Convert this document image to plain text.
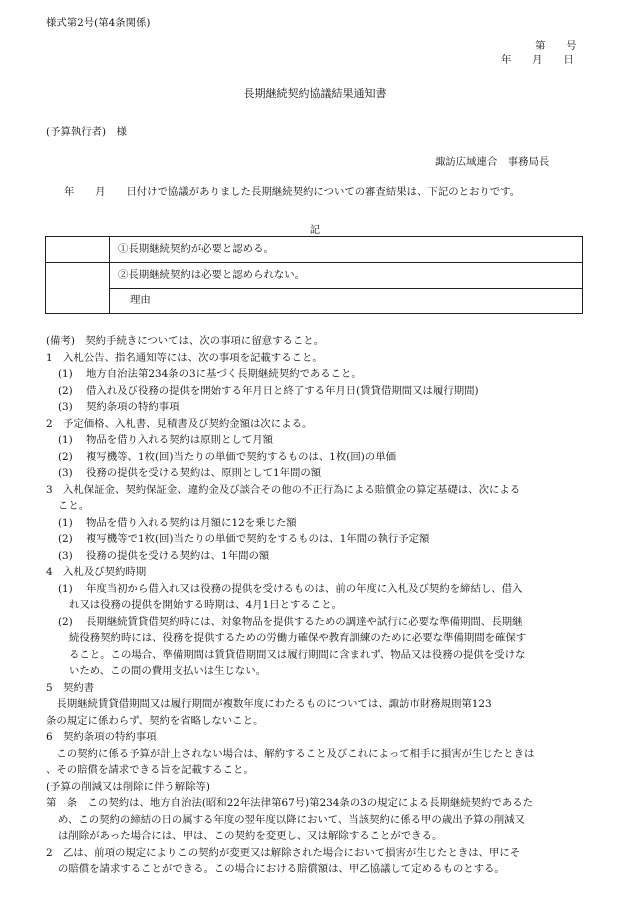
様式第2号(第4条関係)
第　　号
年　　月　　日
長期継続契約協議結果通知書
(予算執行者)　様
諏訪広域連合　事務局長
年　　月　　日付けで協議がありました長期継続契約についての審査結果は、下記のとおりです。
記
	①長期継続契約が必要と認める。
	②長期継続契約は必要と認められない。
	理由
(備考)　契約手続きについては、次の事項に留意すること。
1　入札公告、指名通知等には、次の事項を記載すること。
(1) 地方自治法第234条の3に基づく長期継続契約であること。
(2) 借入れ及び役務の提供を開始する年月日と終了する年月日(賃貸借期間又は履行期間)
(3) 契約条項の特約事項
2　予定価格、入札書、見積書及び契約金額は次による。
(1) 物品を借り入れる契約は原則として月額
(2) 複写機等、1枚(回)当たりの単価で契約するものは、1枚(回)の単価
(3) 役務の提供を受ける契約は、原則として1年間の額
3　入札保証金、契約保証金、違約金及び談合その他の不正行為による賠償金の算定基礎は、次による
こと。
(1) 物品を借り入れる契約は月額に12を乗じた額
(2) 複写機等で1枚(回)当たりの単価で契約をするものは、1年間の執行予定額
(3) 役務の提供を受ける契約は、1年間の額
4　入札及び契約時期
(1) 年度当初から借入れ又は役務の提供を受けるものは、前の年度に入札及び契約を締結し、借入
れ又は役務の提供を開始する時期は、4月1日とすること。
(2) 長期継続賃貸借契約時には、対象物品を提供するための調達や試行に必要な準備期間、長期継
続役務契約時には、役務を提供するための労働力確保や教育訓練のために必要な準備期間を確保す
ること。この場合、準備期間は賃貸借期間又は履行期間に含まれず、物品又は役務の提供を受けな
いため、この間の費用支払いは生じない。
5　契約書
　長期継続賃貸借期間又は履行期間が複数年度にわたるものについては、諏訪市財務規則第123
条の規定に係わらず、契約を省略しないこと。
6　契約条項の特約事項
　この契約に係る予算が計上されない場合は、解約すること及びこれによって相手に損害が生じたときは
、その賠償を請求できる旨を記載すること。
(予算の削減又は削除に伴う解除等)
第　条　この契約は、地方自治法(昭和22年法律第67号)第234条の3の規定による長期継続契約であるた
め、この契約の締結の日の属する年度の翌年度以降において、当該契約に係る甲の歳出予算の削減又
は削除があった場合には、甲は、この契約を変更し、又は解除することができる。
2　乙は、前項の規定によりこの契約が変更又は解除された場合において損害が生じたときは、甲にそ
の賠償を請求することができる。この場合における賠償額は、甲乙協議して定めるものとする。
